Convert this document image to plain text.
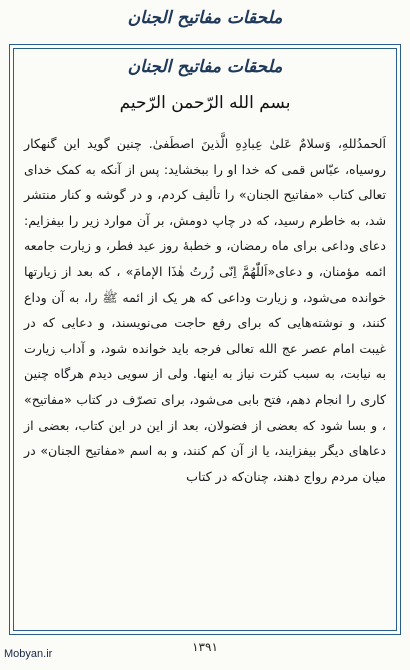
ملحقات مفاتیح الجنان
ملحقات مفاتیح الجنان
بسم الله الرّحمن الرّحیم

اَلحمدُللهِ، وَسلامٌ عَلیٰ عِبادِهِ الَّذینَ اصطَفیٰ. چنین گوید این گنهکار روسیاه، عبّاس قمی که خدا او را ببخشاید: پس از آنکه به کمک خدای تعالی کتاب «مفاتیح الجنان» را تألیف کردم، و در گوشه و کنار منتشر شد، به خاطرم رسید، که در چاپ دومش، بر آن موارد زیر را بیفزایم: دعای وداعی برای ماه رمضان، و خطبهٔ روز عید فطر، و زیارت جامعه ائمه مؤمنان، و دعای«اَللّٰهُمَّ اِنّی زُرتُ هٰذَا الإمامَ» ، که بعد از زیارتها خوانده می‌شود، و زیارت وداعی که هر یک از ائمه ﷺ را، به آن وداع کنند، و نوشته‌هایی که برای رفع حاجت می‌نویسند، و دعایی که در غیبت امام عصر عج الله تعالی فرجه باید خوانده شود، و آداب زیارت به نیابت، به سبب کثرت نیاز به اینها. ولی از سویی دیدم هرگاه چنین کاری را انجام دهم، فتح بابی می‌شود، برای تصرّف در کتاب «مفاتیح» ، و بسا شود که بعضی از فضولان، بعد از این در این کتاب، بعضی از دعاهای دیگر بیفزایند، یا از آن کم کنند، و به اسم «مفاتیح الجنان» در میان مردم رواج دهند، چنان‌که در کتاب

۱۳۹۱
Mobyan.ir
